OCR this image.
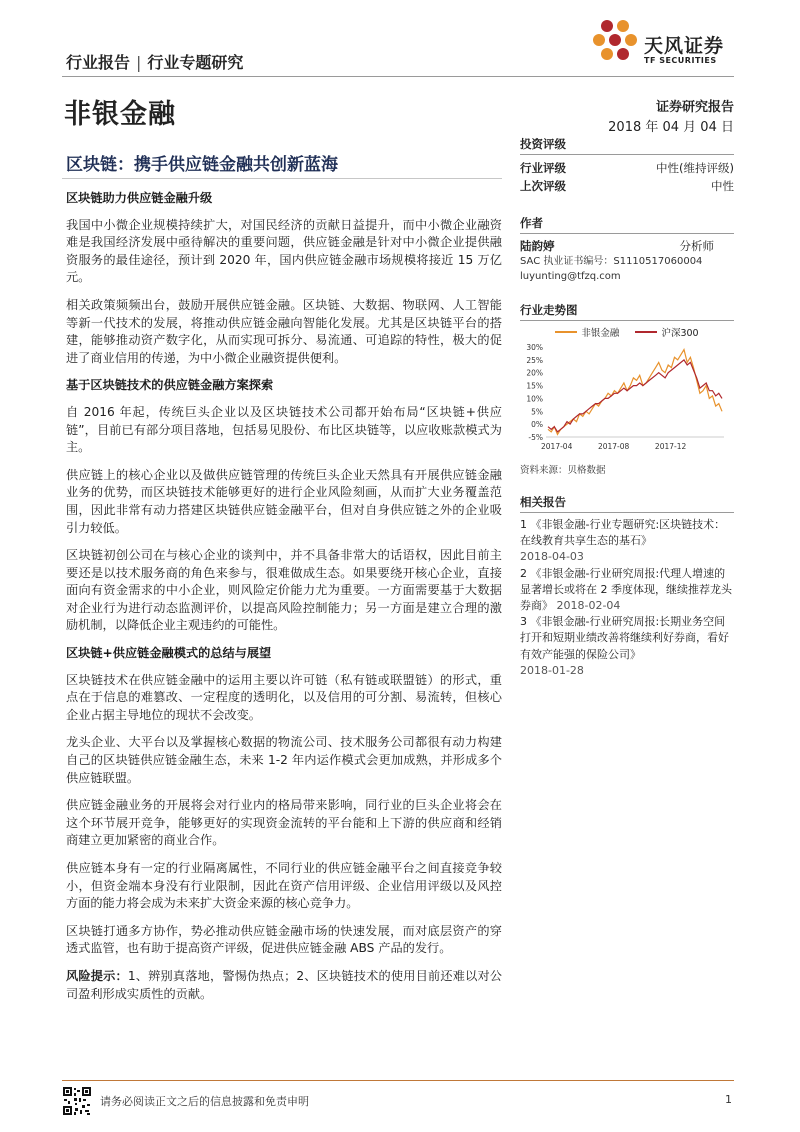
行业报告 | 行业专题研究
天风证券
TF SECURITIES
非银金融	证券研究报告
2018 年 04 月 04 日
区块链：携手供应链金融共创新蓝海
区块链助力供应链金融升级

我国中小微企业规模持续扩大，对国民经济的贡献日益提升，而中小微企业融资难是我国经济发展中亟待解决的重要问题，供应链金融是针对中小微企业提供融资服务的最佳途径，预计到 2020 年，国内供应链金融市场规模将接近 15 万亿元。

相关政策频频出台，鼓励开展供应链金融。区块链、大数据、物联网、人工智能等新一代技术的发展，将推动供应链金融向智能化发展。尤其是区块链平台的搭建，能够推动资产数字化，从而实现可拆分、易流通、可追踪的特性，极大的促进了商业信用的传递，为中小微企业融资提供便利。

基于区块链技术的供应链金融方案探索

自 2016 年起，传统巨头企业以及区块链技术公司都开始布局“区块链+供应链”，目前已有部分项目落地，包括易见股份、布比区块链等，以应收账款模式为主。

供应链上的核心企业以及做供应链管理的传统巨头企业天然具有开展供应链金融业务的优势，而区块链技术能够更好的进行企业风险刻画，从而扩大业务覆盖范围，因此非常有动力搭建区块链供应链金融平台，但对自身供应链之外的企业吸引力较低。

区块链初创公司在与核心企业的谈判中，并不具备非常大的话语权，因此目前主要还是以技术服务商的角色来参与，很难做成生态。如果要绕开核心企业，直接面向有资金需求的中小企业，则风险定价能力尤为重要。一方面需要基于大数据对企业行为进行动态监测评价，以提高风险控制能力；另一方面是建立合理的激励机制，以降低企业主观违约的可能性。

区块链+供应链金融模式的总结与展望

区块链技术在供应链金融中的运用主要以许可链（私有链或联盟链）的形式，重点在于信息的难篡改、一定程度的透明化，以及信用的可分割、易流转，但核心企业占据主导地位的现状不会改变。

龙头企业、大平台以及掌握核心数据的物流公司、技术服务公司都很有动力构建自己的区块链供应链金融生态，未来 1-2 年内运作模式会更加成熟，并形成多个供应链联盟。

供应链金融业务的开展将会对行业内的格局带来影响，同行业的巨头企业将会在这个环节展开竞争，能够更好的实现资金流转的平台能和上下游的供应商和经销商建立更加紧密的商业合作。

供应链本身有一定的行业隔离属性，不同行业的供应链金融平台之间直接竞争较小，但资金端本身没有行业限制，因此在资产信用评级、企业信用评级以及风控方面的能力将会成为未来扩大资金来源的核心竞争力。

区块链打通多方协作，势必推动供应链金融市场的快速发展，而对底层资产的穿透式监管，也有助于提高资产评级，促进供应链金融 ABS 产品的发行。

风险提示：1、辨别真落地，警惕伪热点；2、区块链技术的使用目前还难以对公司盈利形成实质性的贡献。

投资评级
行业评级	中性(维持评级)
上次评级	中性
作者
陆韵婷	分析师
SAC 执业证书编号：S1110517060004
luyunting@tfzq.com
行业走势图
非银金融	沪深300
30%
25%
20%
15%
10%
5%
0%
-5%
2017-04	2017-08	2017-12
资料来源：贝格数据
相关报告
1 《非银金融-行业专题研究:区块链技术：在线教育共享生态的基石》
2018-04-03
2 《非银金融-行业研究周报:代理人增速的显著增长或将在 2 季度体现，继续推荐龙头券商》 2018-02-04
3 《非银金融-行业研究周报:长期业务空间打开和短期业绩改善将继续利好券商，看好有效产能强的保险公司》
2018-01-28
请务必阅读正文之后的信息披露和免责申明	1
